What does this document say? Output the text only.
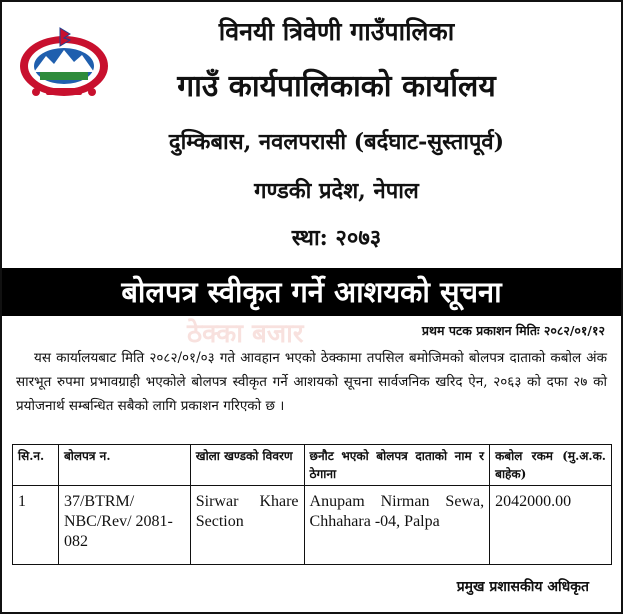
विनयी त्रिवेणी गाउँपालिका
गाउँ कार्यपालिकाको कार्यालय
दुम्किबास, नवलपरासी (बर्दघाट-सुस्तापूर्व)
गण्डकी प्रदेश, नेपाल
स्था: २०७३
बोलपत्र स्वीकृत गर्ने आशयको सूचना
ठेक्का बजार	प्रथम पटक प्रकाशन मितिः २०८२/०१/१२

यस कार्यालयबाट मिति २०८२/०१/०३ गते आवहान भएको ठेक्कामा तपसिल बमोजिमको बोलपत्र दाताको कबोल अंक सारभूत रुपमा प्रभावग्राही भएकोले बोलपत्र स्वीकृत गर्ने आशयको सूचना सार्वजनिक खरिद ऐन, २०६३ को दफा २७ को प्रयोजनार्थ सम्बन्धित सबैको लागि प्रकाशन गरिएको छ ।

सि.न.	बोलपत्र न.	खोला खण्डको विवरण	छनौट भएको बोलपत्र दाताको नाम र ठेगाना	कबोल रकम (मु.अ.क. बाहेक)
1	37/BTRM/ NBC/Rev/ 2081-082	Sirwar Khare Section	Anupam Nirman Sewa, Chhahara -04, Palpa	2042000.00
प्रमुख प्रशासकीय अधिकृत
